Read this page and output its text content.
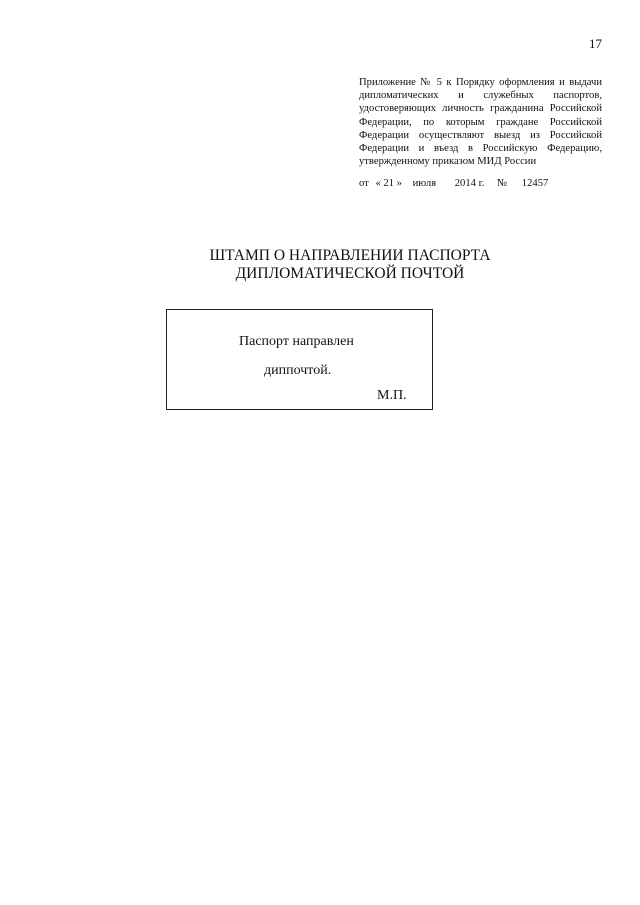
17
Приложение № 5 к Порядку оформления и выдачи
дипломатических и служебных паспортов,
удостоверяющих личность гражданина Российской
Федерации, по которым граждане Российской
Федерации осуществляют выезд из Российской
Федерации и въезд в Российскую Федерацию,
утвержденному приказом МИД России
от « 21 » июля 2014 г. № 12457
ШТАМП О НАПРАВЛЕНИИ ПАСПОРТА
ДИПЛОМАТИЧЕСКОЙ ПОЧТОЙ
Паспорт направлен
диппочтой.
М.П.
